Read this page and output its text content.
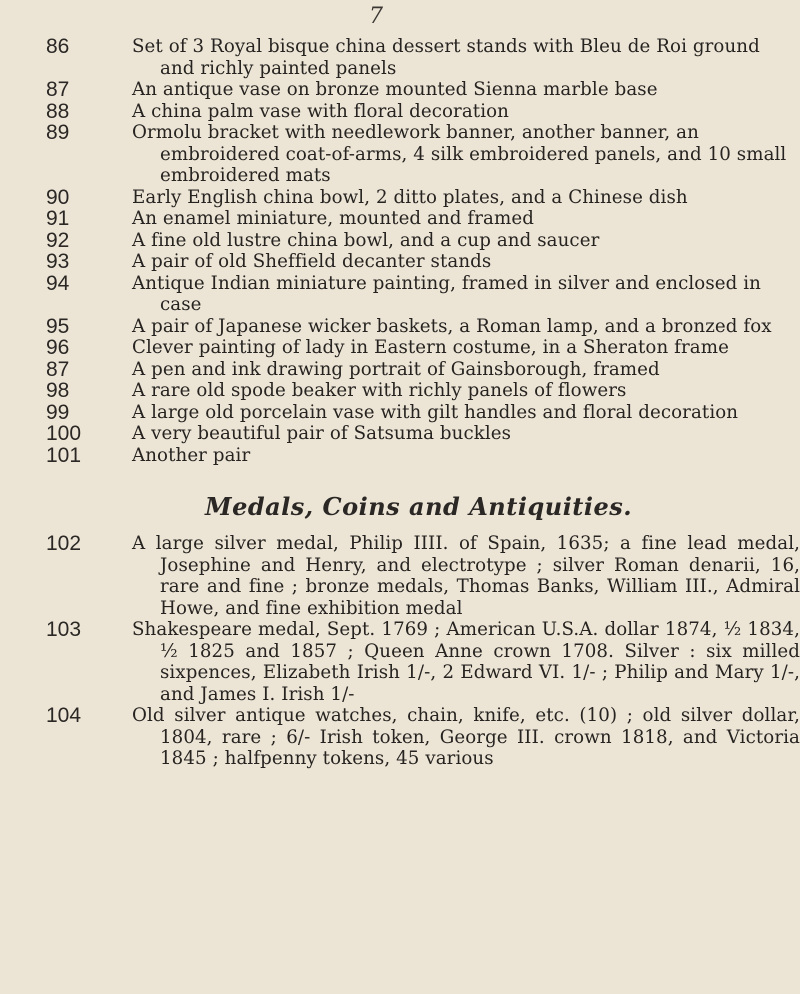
7
86	Set of 3 Royal bisque china dessert stands with Bleu de Roi ground and richly painted panels
87	An antique vase on bronze mounted Sienna marble base
88	A china palm vase with floral decoration
89	Ormolu bracket with needlework banner, another banner, an embroidered coat-of-arms, 4 silk embroidered panels, and 10 small embroidered mats
90	Early English china bowl, 2 ditto plates, and a Chinese dish
91	An enamel miniature, mounted and framed
92	A fine old lustre china bowl, and a cup and saucer
93	A pair of old Sheffield decanter stands
94	Antique Indian miniature painting, framed in silver and enclosed in case
95	A pair of Japanese wicker baskets, a Roman lamp, and a bronzed fox
96	Clever painting of lady in Eastern costume, in a Sheraton frame
87	A pen and ink drawing portrait of Gainsborough, framed
98	A rare old spode beaker with richly panels of flowers
99	A large old porcelain vase with gilt handles and floral decoration
100	A very beautiful pair of Satsuma buckles
101	Another pair
Medals, Coins and Antiquities.
102	A large silver medal, Philip IIII. of Spain, 1635; a fine lead medal, Josephine and Henry, and electrotype ; silver Roman denarii, 16, rare and fine ; bronze medals, Thomas Banks, William III., Admiral Howe, and fine exhibition medal
103	Shakespeare medal, Sept. 1769 ; American U.S.A. dollar 1874, ½ 1834, ½ 1825 and 1857 ; Queen Anne crown 1708. Silver : six milled sixpences, Elizabeth Irish 1/-, 2 Edward VI. 1/- ; Philip and Mary 1/-, and James I. Irish 1/-
104	Old silver antique watches, chain, knife, etc. (10) ; old silver dollar, 1804, rare ; 6/- Irish token, George III. crown 1818, and Victoria 1845 ; halfpenny tokens, 45 various
